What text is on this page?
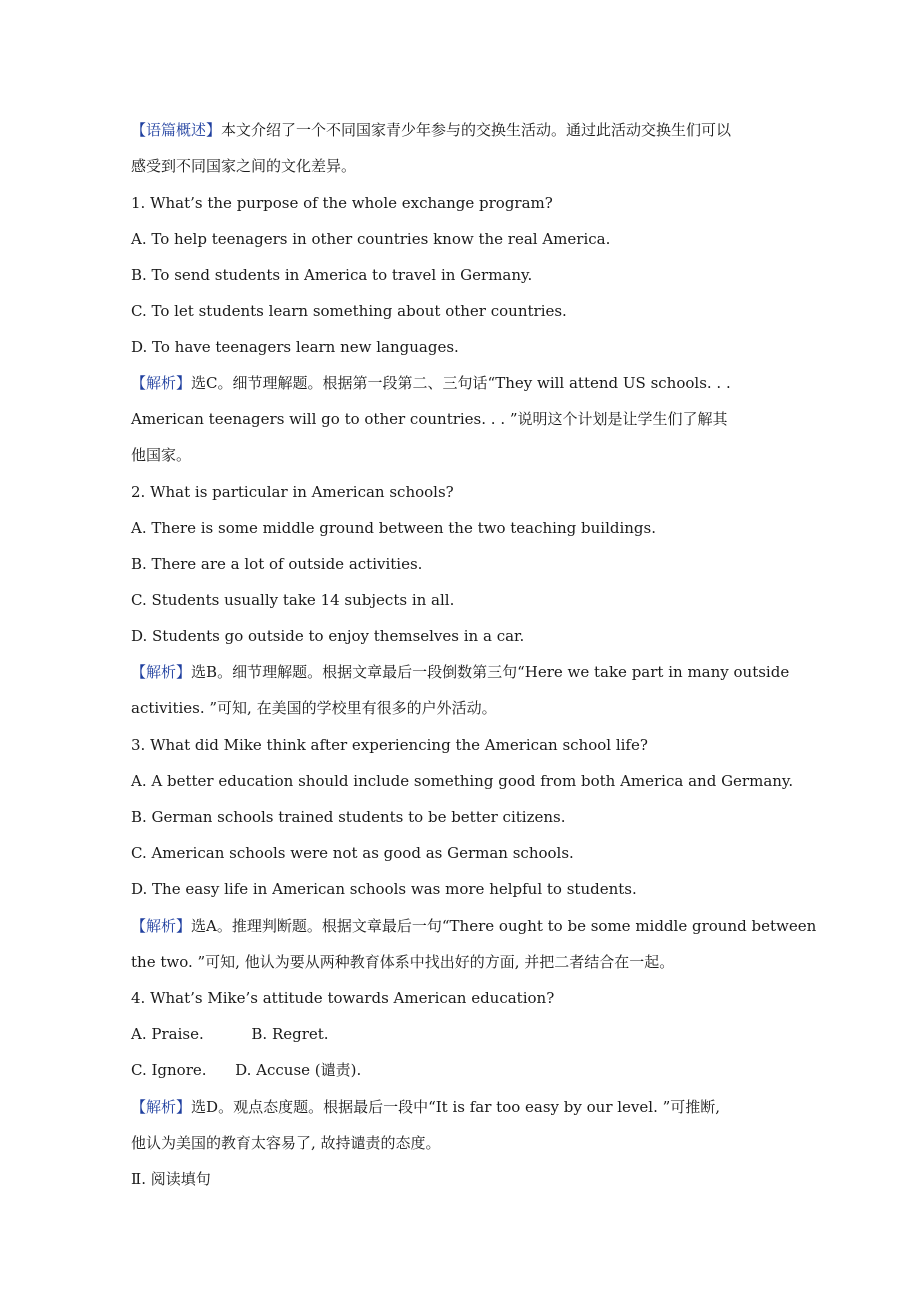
【 语篇概述 】 本文介绍了一个不同国家青少年参与的交换生活动。通过此活动交换生们可以
感受到不同国家之间的文化差异。
1. What’s the purpose of the whole exchange program?
A. To help teenagers in other countries know the real America.
B. To send students in America to travel in Germany.
C. To let students learn something about other countries.
D. To have teenagers learn new languages.
【 解析 】 选C。细节理解题。根据第一段第二、三句话“They will attend US schools. . .
American teenagers will go to other countries. . . ”说明这个计划是让学生们了解其
他国家。
2. What is particular in American schools?
A. There is some middle ground between the two teaching buildings.
B. There are a lot of outside activities.
C. Students usually take 14 subjects in all.
D. Students go outside to enjoy themselves in a car.
【 解析 】 选B。细节理解题。根据文章最后一段倒数第三句“Here we take part in many outside
activities. ”可知, 在美国的学校里有很多的户外活动。
3. What did Mike think after experiencing the American school life?
A. A better education should include something good from both America and Germany.
B. German schools trained students to be better citizens.
C. American schools were not as good as German schools.
D. The easy life in American schools was more helpful to students.
【 解析 】 选A。推理判断题。根据文章最后一句“There ought to be some middle ground between
the two. ”可知, 他认为要从两种教育体系中找出好的方面, 并把二者结合在一起。
4. What’s Mike’s attitude towards American education?
A. Praise.          B. Regret.
C. Ignore.      D. Accuse (谴责).
【 解析 】 选D。观点态度题。根据最后一段中“It is far too easy by our level. ”可推断,
他认为美国的教育太容易了, 故持谴责的态度。
Ⅱ. 阅读填句
